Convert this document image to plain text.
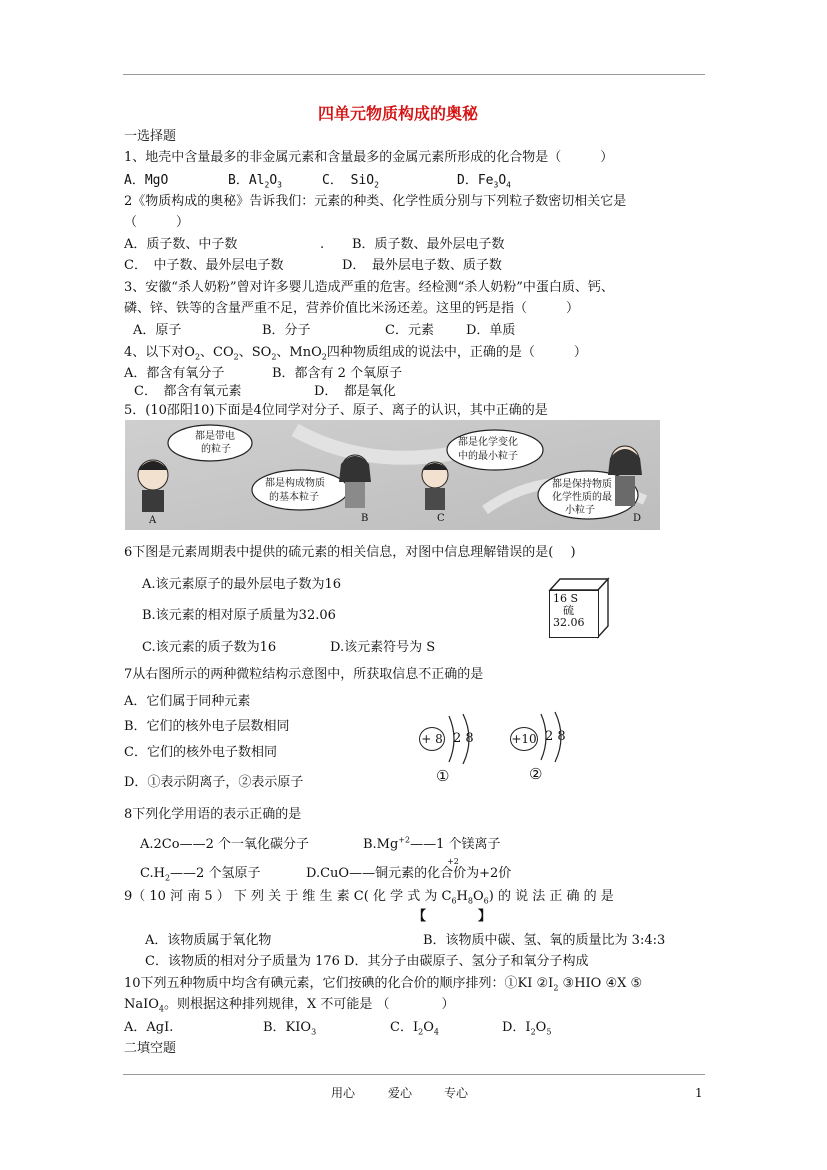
四单元物质构成的奥秘
一选择题
1、地壳中含量最多的非金属元素和含量最多的金属元素所形成的化合物是（　　　）
A．MgO	B．$Al_2O_3$	C． SiO$_2$	D．$Fe_3O_4$
2《物质构成的奥秘》告诉我们：元素的种类、化学性质分别与下列粒子数密切相关它是
（　　　）
A．质子数、中子数	. B．质子数、最外层电子数
C．　中子数、最外层电子数	D．　最外层电子数、质子数
3、安徽“杀人奶粉”曾对许多婴儿造成严重的危害。经检测“杀人奶粉”中蛋白质、钙、
磷、锌、铁等的含量严重不足，营养价值比米汤还差。这里的钙是指（　　　）
A．原子	B．分子	C．元素 D．单质
4、以下对$O_2$、$CO_2$、$SO_2$、MnO$_2$四种物质组成的说法中，正确的是（　　　）
A．都含有氧分子	B．都含有 2 个氧原子
C．　都含有氧元素	D．　都是氧化
5．(10邵阳10)下面是4位同学对分子、原子、离子的认识，其中正确的是
都是带电
的粒子
都是构成物质
的基本粒子
都是化学变化
中的最小粒子
都是保持物质
化学性质的最
小粒子
A	B	C	D
6下图是元素周期表中提供的硫元素的相关信息，对图中信息理解错误的是(　 )
A.该元素原子的最外层电子数为16
B.该元素的相对原子质量为32.06
C.该元素的质子数为16	D.该元素符号为 S
16 S
硫
32.06
7从右图所示的两种微粒结构示意图中，所获取信息不正确的是
A．它们属于同种元素
B．它们的核外电子层数相同
C．它们的核外电子数相同
D．①表示阴离子，②表示原子
+ 8 2 8
①
+10 2 8
②
8下列化学用语的表示正确的是
A.2Co——2 个一氧化碳分子	$B.Mg^{+2}——1$ 个镁离子
$C.H_2——2$ 个氢原子
+2
D.CuO——铜元素的化合价为+2价
9（ 10 河 南 5 ） 下 列 关 于 维 生 素 C( 化 学 式 为 $C_6H_8O_6$) 的 说 法 正 确 的 是
【　　　　】
A．该物质属于氧化物	B．该物质中碳、氢、氧的质量比为 3:4:3
C．该物质的相对分子质量为 176 D．其分子由碳原子、氢分子和氧分子构成
10下列五种物质中均含有碘元素，它们按碘的化合价的顺序排列：①KI $②I_2$ ③HIO ④X ⑤
NaIO$_4$。则根据这种排列规律，X 不可能是 （　　　　）
A．AgI.	B．$KIO_3$	C．$I_2O_4$	D．$I_2O_5$
二填空题
用心	爱心	专心	1
